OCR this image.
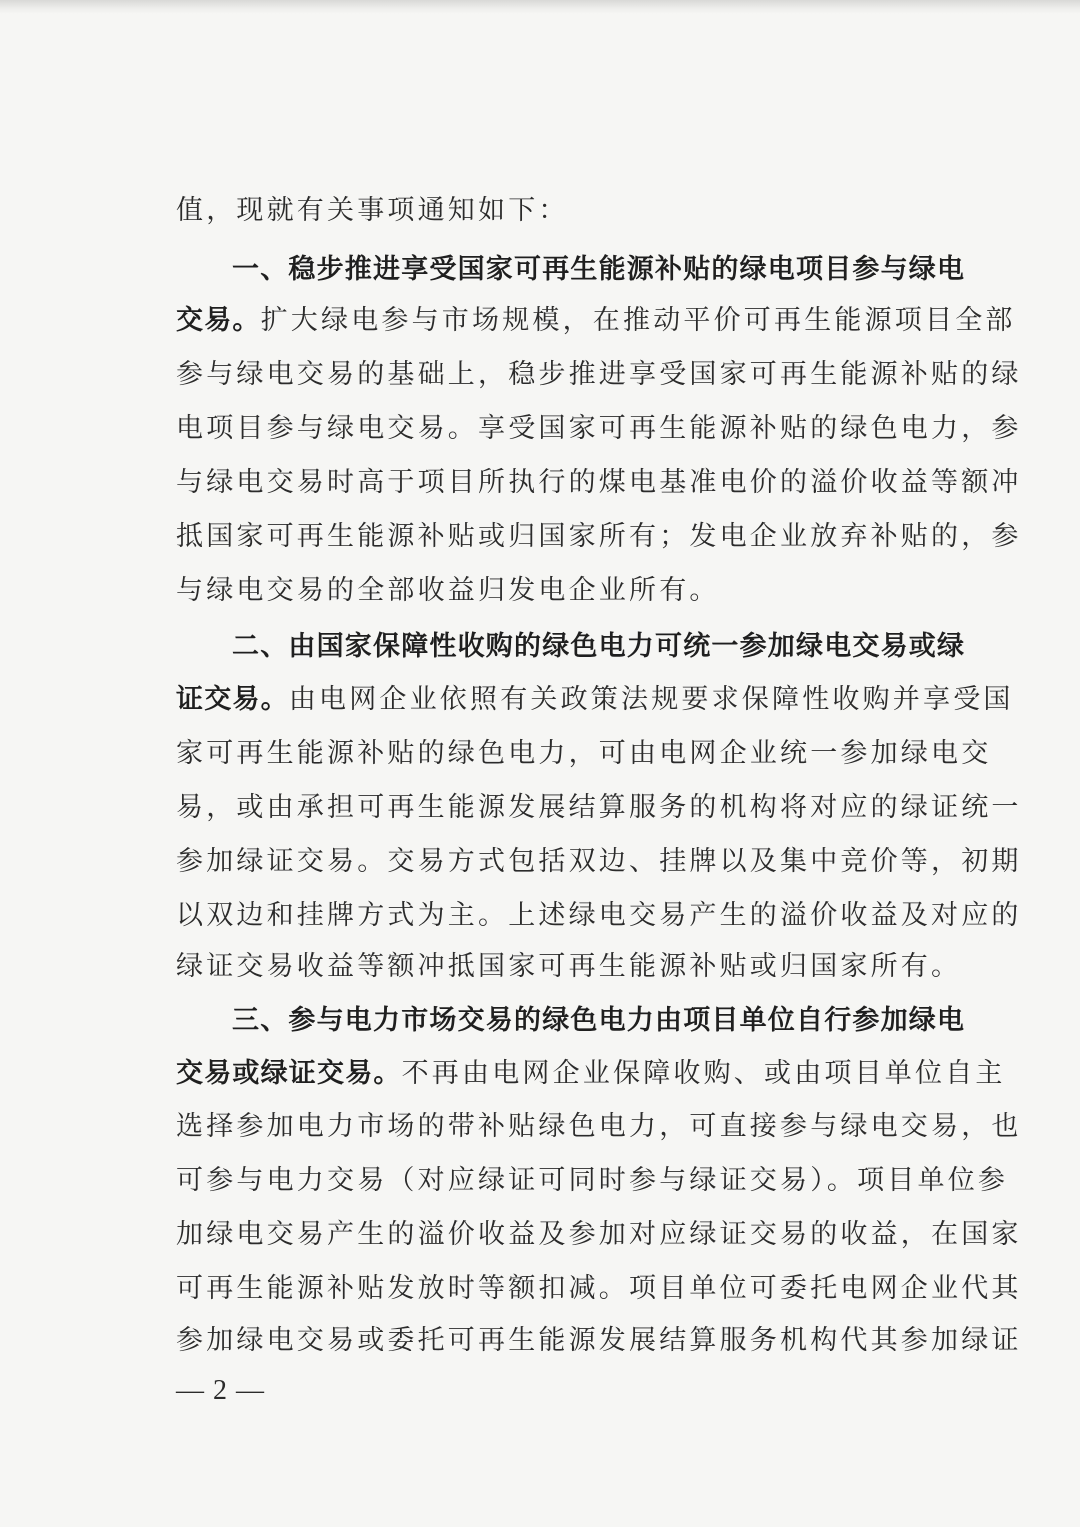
值，现就有关事项通知如下：
一、稳步推进享受国家可再生能源补贴的绿电项目参与绿电
交易。扩大绿电参与市场规模，在推动平价可再生能源项目全部
参与绿电交易的基础上，稳步推进享受国家可再生能源补贴的绿
电项目参与绿电交易。享受国家可再生能源补贴的绿色电力，参
与绿电交易时高于项目所执行的煤电基准电价的溢价收益等额冲
抵国家可再生能源补贴或归国家所有；发电企业放弃补贴的，参
与绿电交易的全部收益归发电企业所有。
二、由国家保障性收购的绿色电力可统一参加绿电交易或绿
证交易。由电网企业依照有关政策法规要求保障性收购并享受国
家可再生能源补贴的绿色电力，可由电网企业统一参加绿电交
易，或由承担可再生能源发展结算服务的机构将对应的绿证统一
参加绿证交易。交易方式包括双边、挂牌以及集中竞价等，初期
以双边和挂牌方式为主。上述绿电交易产生的溢价收益及对应的
绿证交易收益等额冲抵国家可再生能源补贴或归国家所有。
三、参与电力市场交易的绿色电力由项目单位自行参加绿电
交易或绿证交易。不再由电网企业保障收购、或由项目单位自主
选择参加电力市场的带补贴绿色电力，可直接参与绿电交易，也
可参与电力交易（对应绿证可同时参与绿证交易）。项目单位参
加绿电交易产生的溢价收益及参加对应绿证交易的收益，在国家
可再生能源补贴发放时等额扣减。项目单位可委托电网企业代其
参加绿电交易或委托可再生能源发展结算服务机构代其参加绿证
— 2 —
